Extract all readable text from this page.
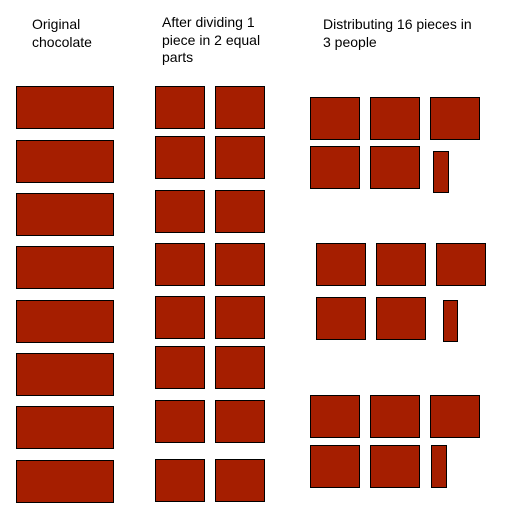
Original
chocolate
After dividing 1
piece in 2 equal
parts
Distributing 16 pieces in
3 people
